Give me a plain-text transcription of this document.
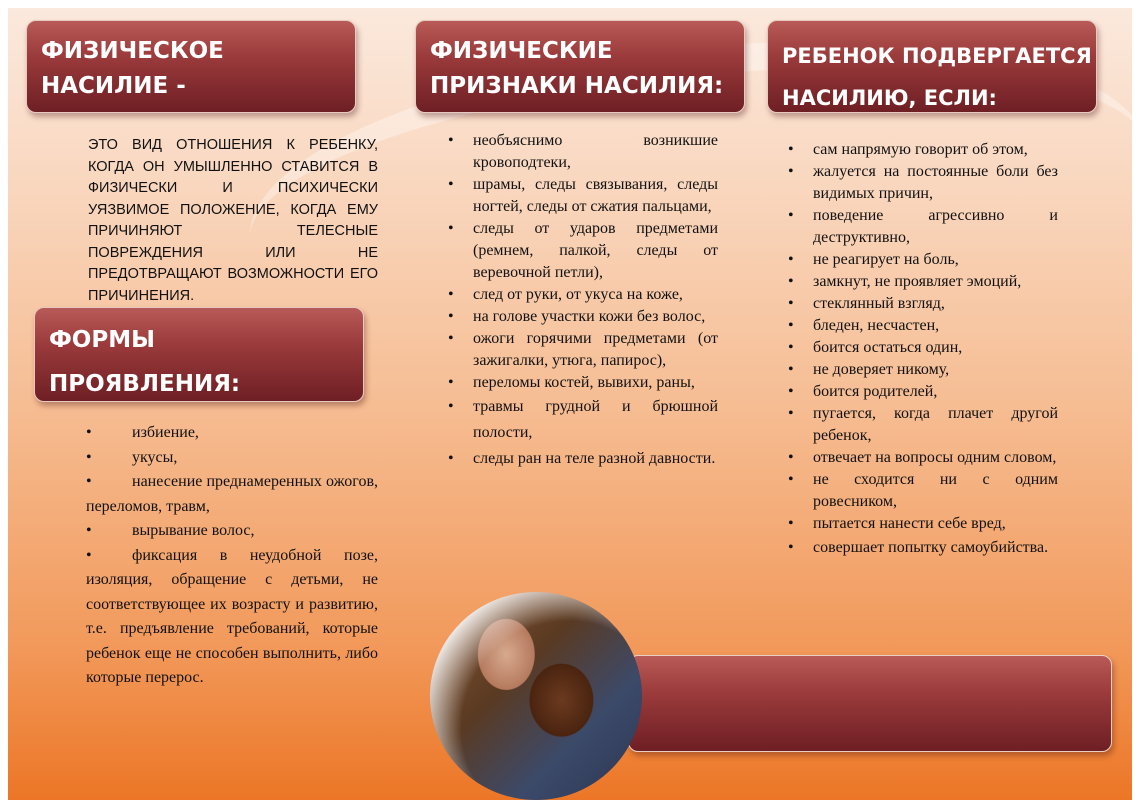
ФИЗИЧЕСКОЕ
НАСИЛИЕ -
ФИЗИЧЕСКИЕ
ПРИЗНАКИ НАСИЛИЯ:
РЕБЕНОК ПОДВЕРГАЕТСЯ
НАСИЛИЮ, ЕСЛИ:
ЭТО ВИД ОТНОШЕНИЯ К РЕБЕНКУ, КОГДА ОН УМЫШЛЕННО СТАВИТСЯ В ФИЗИЧЕСКИ И ПСИХИЧЕСКИ УЯЗВИМОЕ ПОЛОЖЕНИЕ, КОГДА ЕМУ ПРИЧИНЯЮТ ТЕЛЕСНЫЕ ПОВРЕЖДЕНИЯ ИЛИ НЕ ПРЕДОТВРАЩАЮТ ВОЗМОЖНОСТИ ЕГО ПРИЧИНЕНИЯ.
ФОРМЫ
ПРОЯВЛЕНИЯ:
•	избиение,
•	укусы,
•	нанесение преднамеренных ожогов, переломов, травм,
•	вырывание волос,
•	фиксация в неудобной позе, изоляция, обращение с детьми, не соответствующее их возрасту и развитию, т.е. предъявление требований, которые ребенок еще не способен выполнить, либо которые перерос.
• необъяснимо возникшие кровоподтеки,
• шрамы, следы связывания, следы ногтей, следы от сжатия пальцами,
• следы от ударов предметами (ремнем, палкой, следы от веревочной петли),
• след от руки, от укуса на коже,
• на голове участки кожи без волос,
• ожоги горячими предметами (от зажигалки, утюга, папирос),
• переломы костей, вывихи, раны,
• травмы грудной и брюшной полости,
• следы ран на теле разной давности.
• сам напрямую говорит об этом,
• жалуется на постоянные боли без видимых причин,
• поведение агрессивно и деструктивно,
• не реагирует на боль,
• замкнут, не проявляет эмоций,
• стеклянный взгляд,
• бледен, несчастен,
• боится остаться один,
• не доверяет никому,
• боится родителей,
• пугается, когда плачет другой ребенок,
• отвечает на вопросы одним словом,
• не сходится ни с одним ровесником,
• пытается нанести себе вред,
• совершает попытку самоубийства.
